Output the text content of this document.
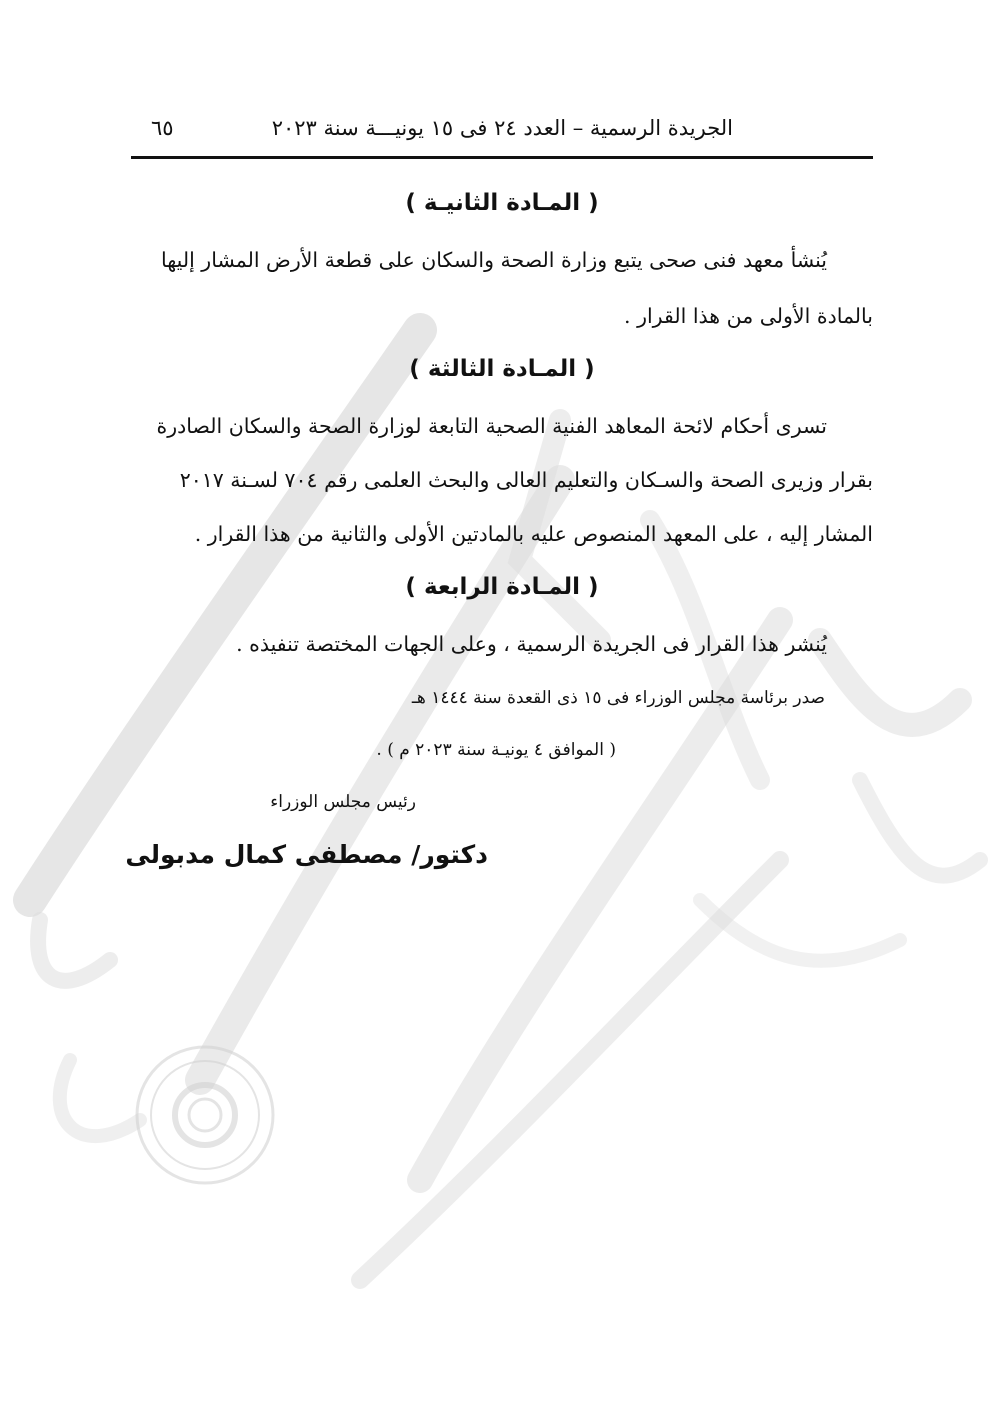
الجريدة الرسمية – العدد ٢٤ فى ١٥ يونيـــة سنة ٢٠٢٣
٦٥
( المـادة الثانيـة )
يُنشأ معهد فنى صحى يتبع وزارة الصحة والسكان على قطعة الأرض المشار إليها
بالمادة الأولى من هذا القرار .
( المـادة الثالثة )
تسرى أحكام لائحة المعاهد الفنية الصحية التابعة لوزارة الصحة والسكان الصادرة
بقرار وزيرى الصحة والسـكان والتعليم العالى والبحث العلمى رقم ٧٠٤ لسـنة ٢٠١٧
المشار إليه ، على المعهد المنصوص عليه بالمادتين الأولى والثانية من هذا القرار .
( المـادة الرابعة )
يُنشر هذا القرار فى الجريدة الرسمية ، وعلى الجهات المختصة تنفيذه .
صدر برئاسة مجلس الوزراء فى ١٥ ذى القعدة سنة ١٤٤٤ هـ
( الموافق ٤ يونيـة سنة ٢٠٢٣ م ) .
رئيس مجلس الوزراء
دكتور/ مصطفى كمال مدبولى
